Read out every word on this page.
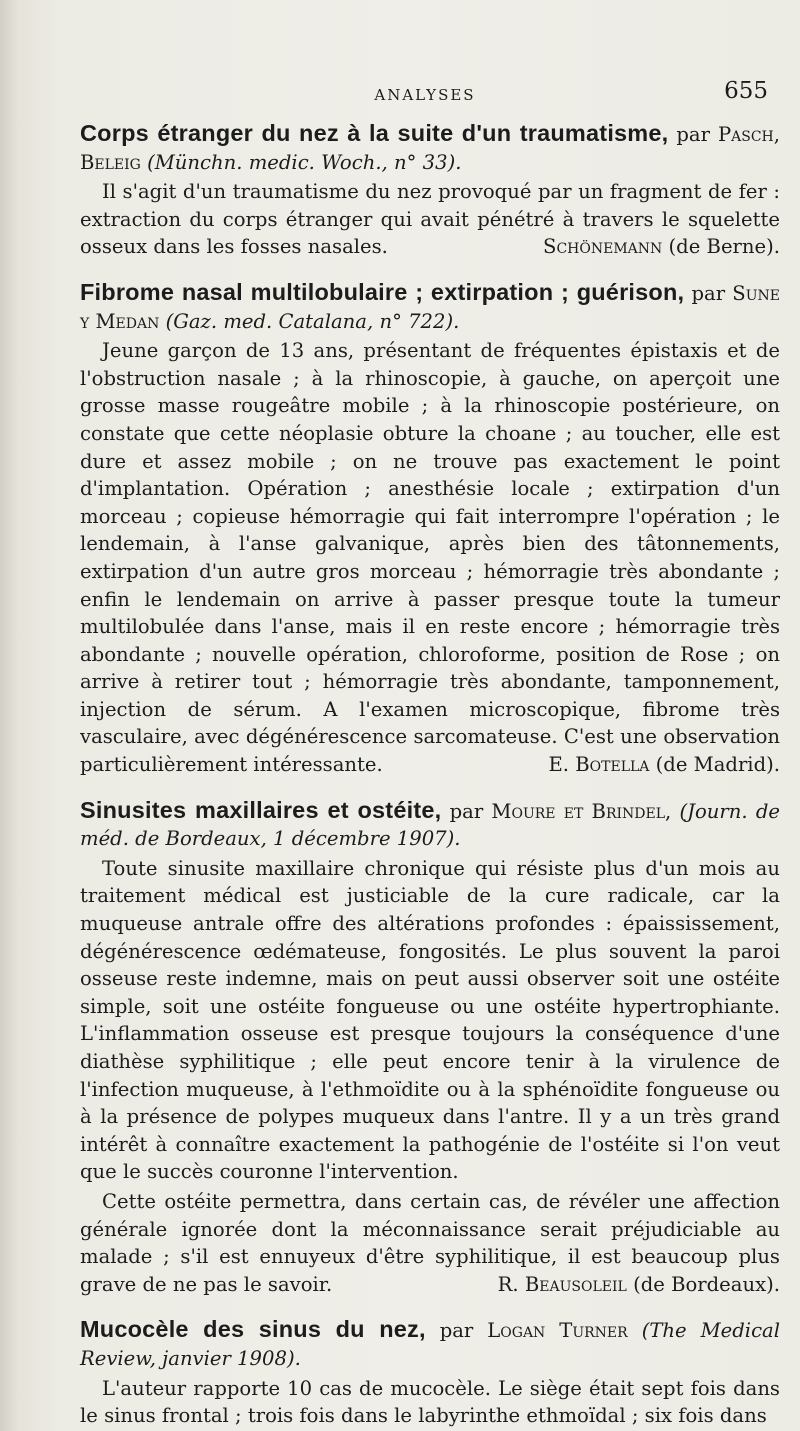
ANALYSES	655
Corps étranger du nez à la suite d'un traumatisme, par Pasch, Beleig (Münchn. medic. Woch., n° 33).

Il s'agit d'un traumatisme du nez provoqué par un fragment de fer : extraction du corps étranger qui avait pénétré à travers le squelette osseux dans les fosses nasales.	Schönemann (de Berne).

Fibrome nasal multilobulaire ; extirpation ; guérison, par Sune y Medan (Gaz. med. Catalana, n° 722).

Jeune garçon de 13 ans, présentant de fréquentes épistaxis et de l'obstruction nasale ; à la rhinoscopie, à gauche, on aperçoit une grosse masse rougeâtre mobile ; à la rhinoscopie postérieure, on constate que cette néoplasie obture la choane ; au toucher, elle est dure et assez mobile ; on ne trouve pas exactement le point d'implantation. Opération ; anesthésie locale ; extirpation d'un morceau ; copieuse hémorragie qui fait interrompre l'opération ; le lendemain, à l'anse galvanique, après bien des tâtonnements, extirpation d'un autre gros morceau ; hémorragie très abondante ; enfin le lendemain on arrive à passer presque toute la tumeur multilobulée dans l'anse, mais il en reste encore ; hémorragie très abondante ; nouvelle opération, chloroforme, position de Rose ; on arrive à retirer tout ; hémorragie très abondante, tamponnement, injection de sérum. A l'examen microscopique, fibrome très vasculaire, avec dégénérescence sarcomateuse. C'est une observation particulièrement intéressante.	E. Botella (de Madrid).

Sinusites maxillaires et ostéite, par Moure et Brindel, (Journ. de méd. de Bordeaux, 1 décembre 1907).

Toute sinusite maxillaire chronique qui résiste plus d'un mois au traitement médical est justiciable de la cure radicale, car la muqueuse antrale offre des altérations profondes : épaississement, dégénérescence œdémateuse, fongosités. Le plus souvent la paroi osseuse reste indemne, mais on peut aussi observer soit une ostéite simple, soit une ostéite fongueuse ou une ostéite hypertrophiante. L'inflammation osseuse est presque toujours la conséquence d'une diathèse syphilitique ; elle peut encore tenir à la virulence de l'infection muqueuse, à l'ethmoïdite ou à la sphénoïdite fongueuse ou à la présence de polypes muqueux dans l'antre. Il y a un très grand intérêt à connaître exactement la pathogénie de l'ostéite si l'on veut que le succès couronne l'intervention.

Cette ostéite permettra, dans certain cas, de révéler une affection générale ignorée dont la méconnaissance serait préjudiciable au malade ; s'il est ennuyeux d'être syphilitique, il est beaucoup plus grave de ne pas le savoir.	R. Beausoleil (de Bordeaux).

Mucocèle des sinus du nez, par Logan Turner (The Medical Review, janvier 1908).

L'auteur rapporte 10 cas de mucocèle. Le siège était sept fois dans le sinus frontal ; trois fois dans le labyrinthe ethmoïdal ; six fois dans
